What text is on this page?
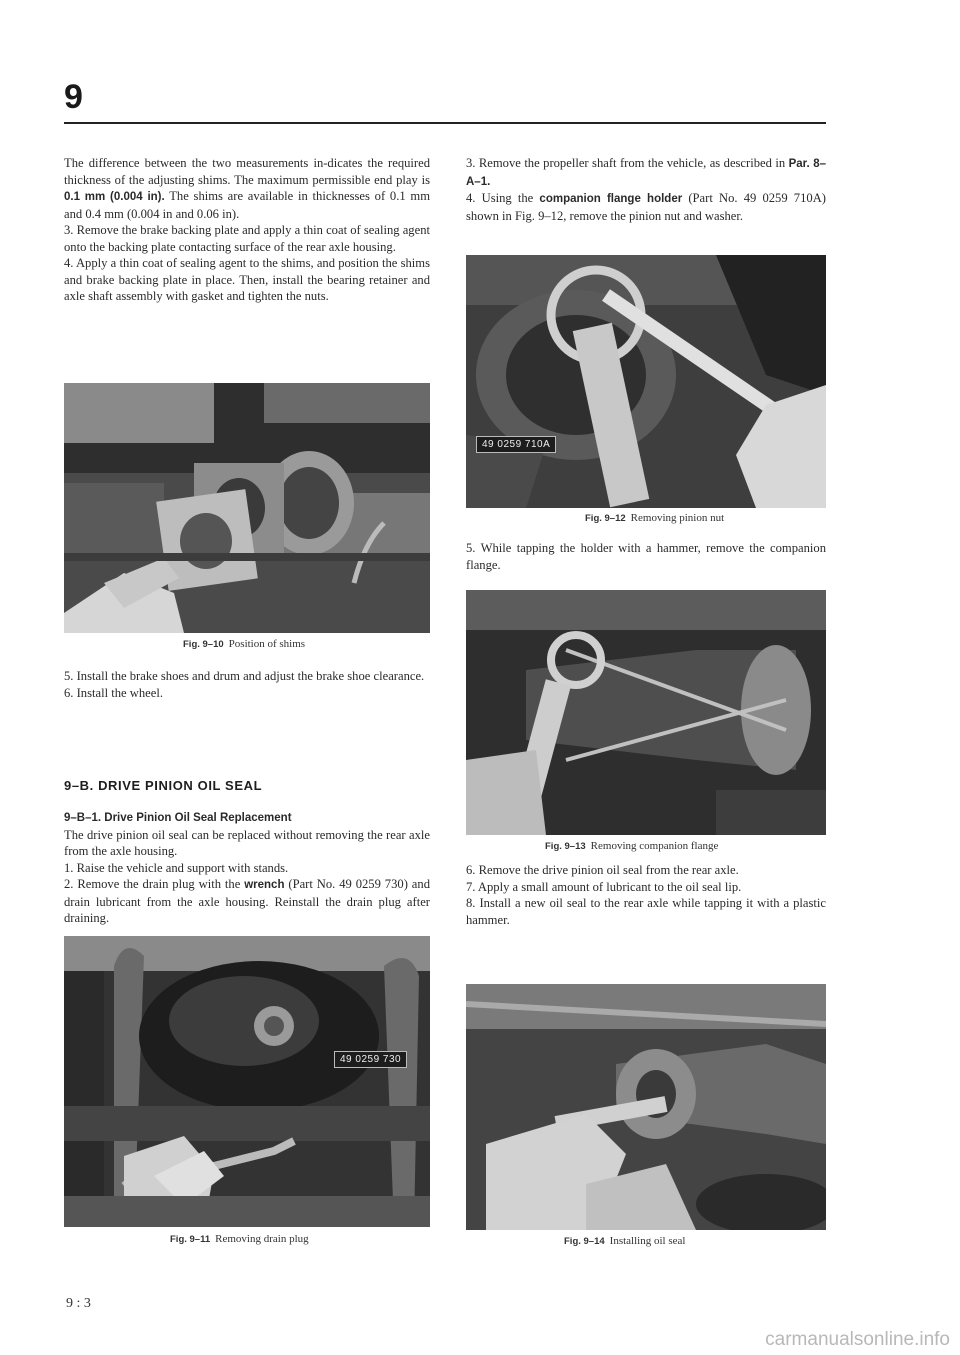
9

The difference between the two measurements in-dicates the required thickness of the adjusting shims. The maximum permissible end play is 0.1 mm (0.004 in). The shims are available in thicknesses of 0.1 mm and 0.4 mm (0.004 in and 0.06 in).

3. Remove the brake backing plate and apply a thin coat of sealing agent onto the backing plate contacting surface of the rear axle housing.

4. Apply a thin coat of sealing agent to the shims, and position the shims and brake backing plate in place. Then, install the bearing retainer and axle shaft assembly with gasket and tighten the nuts.

Fig. 9–10 Position of shims

5. Install the brake shoes and drum and adjust the brake shoe clearance.

6. Install the wheel.

9–B. DRIVE PINION OIL SEAL

9–B–1. Drive Pinion Oil Seal Replacement

The drive pinion oil seal can be replaced without removing the rear axle from the axle housing.

1. Raise the vehicle and support with stands.

2. Remove the drain plug with the wrench (Part No. 49 0259 730) and drain lubricant from the axle housing. Reinstall the drain plug after draining.

49 0259 730
Fig. 9–11 Removing drain plug

3. Remove the propeller shaft from the vehicle, as described in Par. 8–A–1.

4. Using the companion flange holder (Part No. 49 0259 710A) shown in Fig. 9–12, remove the pinion nut and washer.

49 0259 710A
Fig. 9–12 Removing pinion nut

5. While tapping the holder with a hammer, remove the companion flange.

Fig. 9–13 Removing companion flange

6. Remove the drive pinion oil seal from the rear axle.

7. Apply a small amount of lubricant to the oil seal lip.

8. Install a new oil seal to the rear axle while tapping it with a plastic hammer.

Fig. 9–14 Installing oil seal
9 : 3
carmanualsonline.info
